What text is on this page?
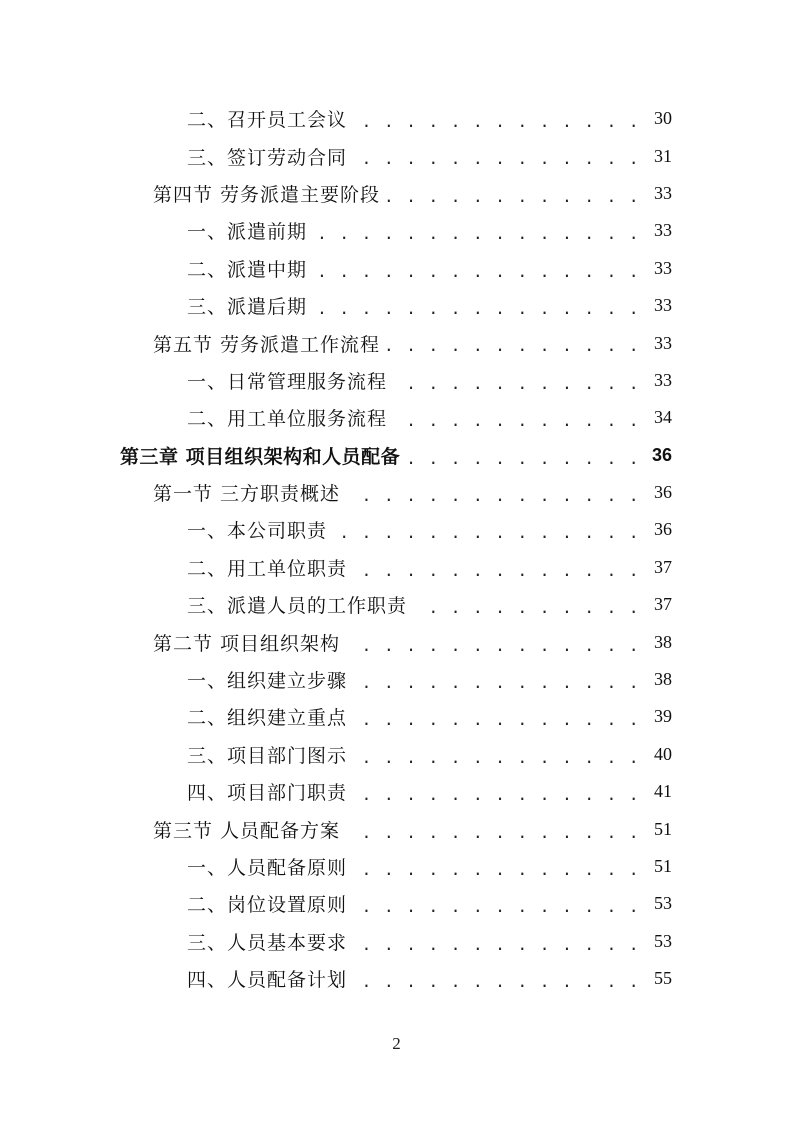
二、召开员工会议 . . .	30
三、签订劳动合同 . . .	31
第四节 劳务派遣主要阶段 . . .	33
一、派遣前期 . . .	33
二、派遣中期 . . .	33
三、派遣后期 . . .	33
第五节 劳务派遣工作流程 . . .	33
一、日常管理服务流程 . . .	33
二、用工单位服务流程 . . .	34
第三章 项目组织架构和人员配备 . . .	36
第一节 三方职责概述 . . .	36
一、本公司职责 . . .	36
二、用工单位职责 . . .	37
三、派遣人员的工作职责 . . .	37
第二节 项目组织架构 . . .	38
一、组织建立步骤 . . .	38
二、组织建立重点 . . .	39
三、项目部门图示 . . .	40
四、项目部门职责 . . .	41
第三节 人员配备方案 . . .	51
一、人员配备原则 . . .	51
二、岗位设置原则 . . .	53
三、人员基本要求 . . .	53
四、人员配备计划 . . .	55
2
